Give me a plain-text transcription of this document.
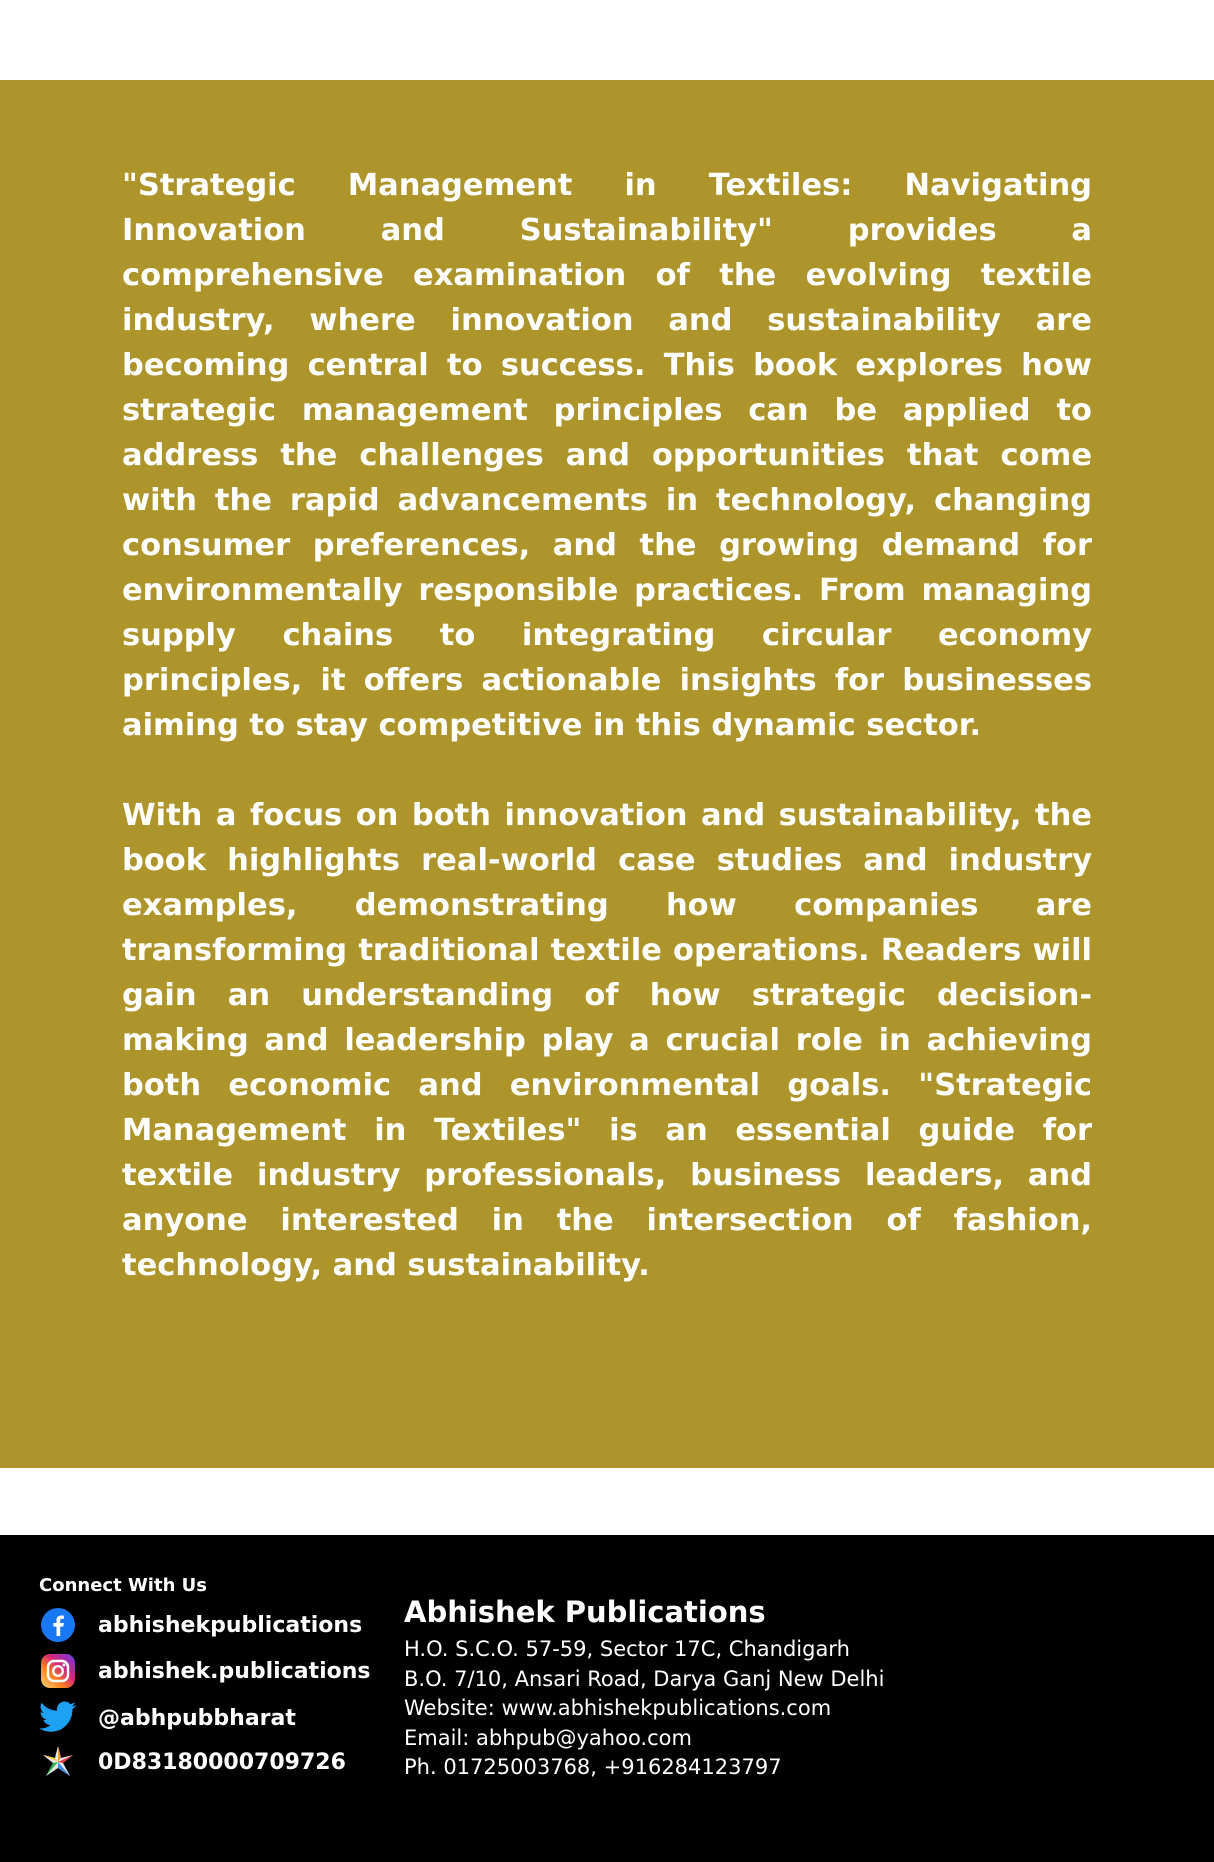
"Strategic Management in Textiles: Navigating Innovation and Sustainability" provides a comprehensive examination of the evolving textile industry, where innovation and sustainability are becoming central to success. This book explores how strategic management principles can be applied to address the challenges and opportunities that come with the rapid advancements in technology, changing consumer preferences, and the growing demand for environmentally responsible practices. From managing supply chains to integrating circular economy principles, it offers actionable insights for businesses aiming to stay competitive in this dynamic sector.

With a focus on both innovation and sustainability, the book highlights real-world case studies and industry examples, demonstrating how companies are transforming traditional textile operations. Readers will gain an understanding of how strategic decision-making and leadership play a crucial role in achieving both economic and environmental goals. "Strategic Management in Textiles" is an essential guide for textile industry professionals, business leaders, and anyone interested in the intersection of fashion, technology, and sustainability.

Connect With Us
abhishekpublications
abhishek.publications
@abhpubbharat
0D83180000709726
Abhishek Publications
H.O. S.C.O. 57-59, Sector 17C, Chandigarh
B.O. 7/10, Ansari Road, Darya Ganj New Delhi
Website: www.abhishekpublications.com
Email: abhpub@yahoo.com
Ph. 01725003768, +916284123797
